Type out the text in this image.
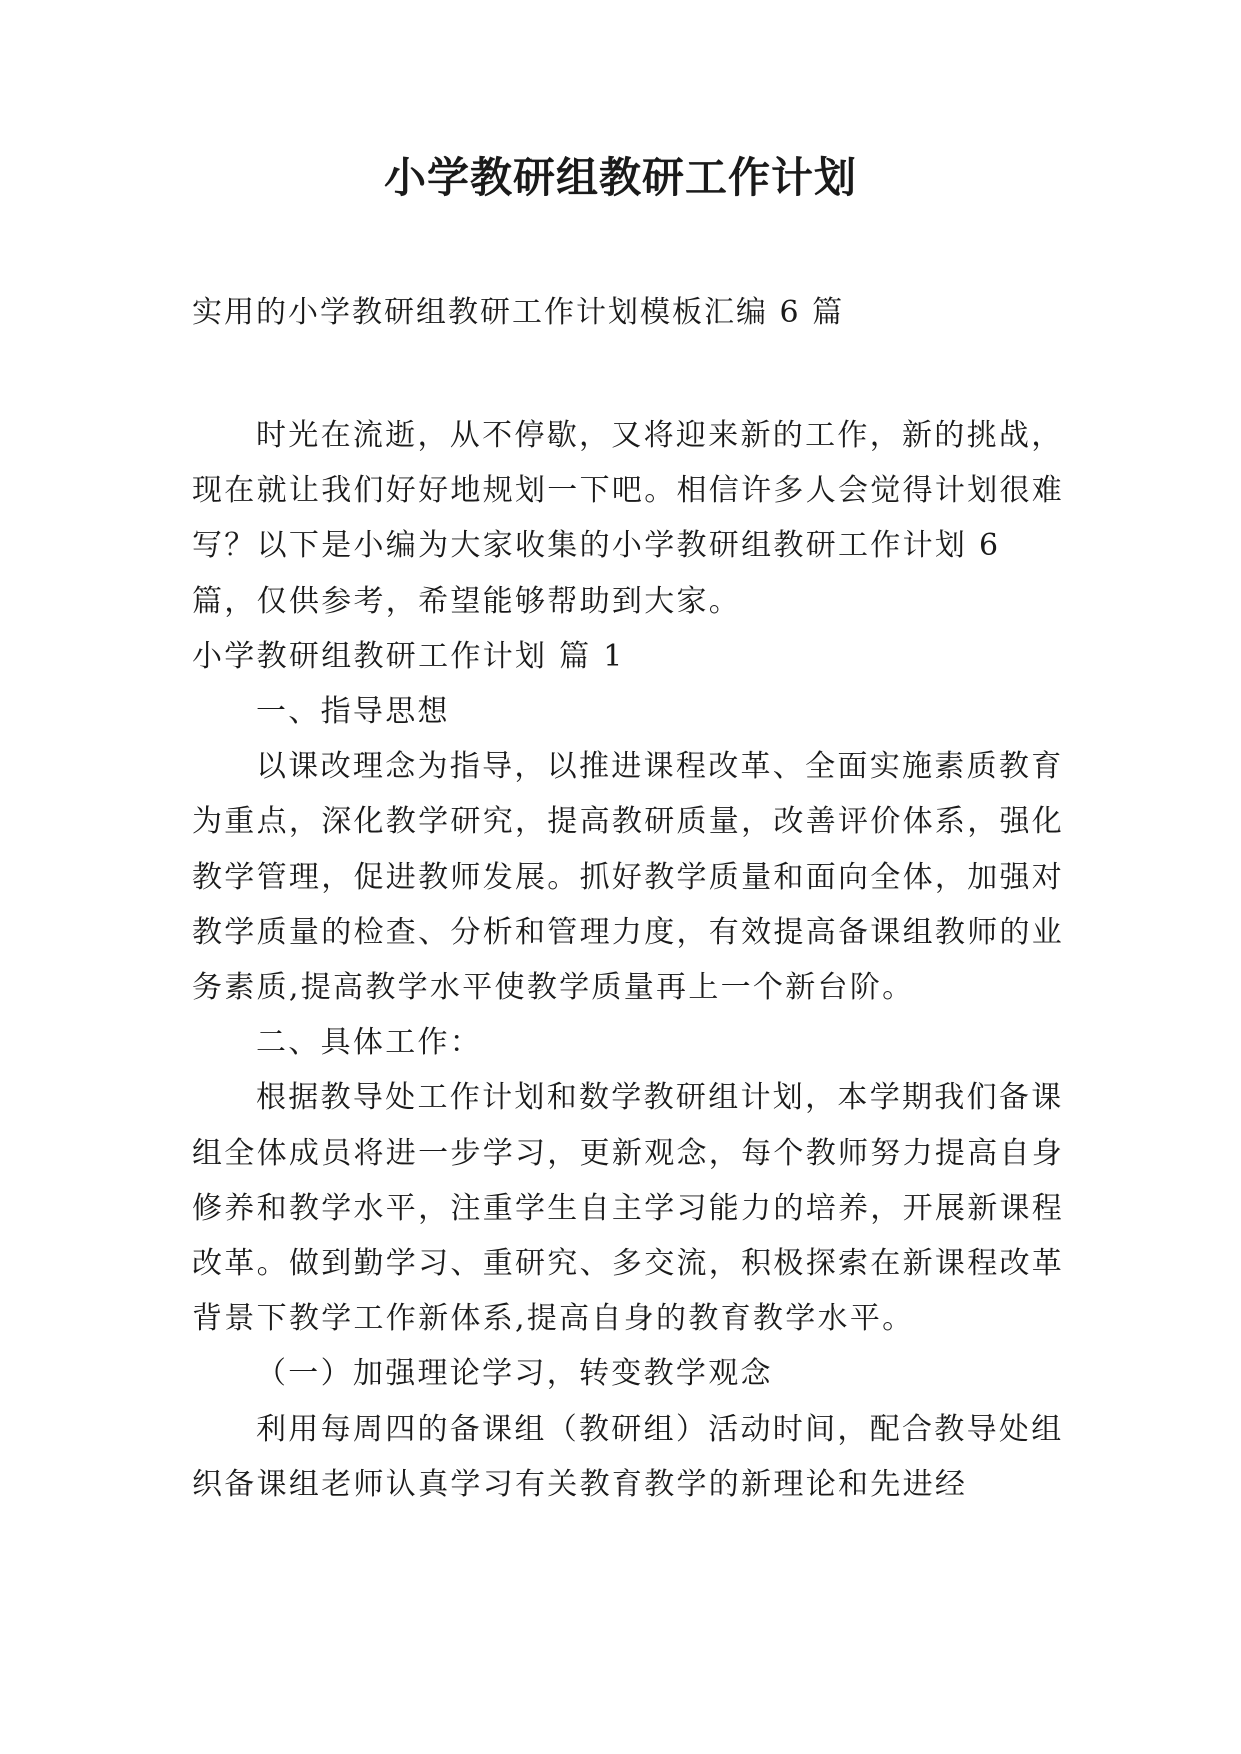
小学教研组教研工作计划
实用的小学教研组教研工作计划模板汇编 6 篇

时光在流逝，从不停歇，又将迎来新的工作，新的挑战，现在就让我们好好地规划一下吧。相信许多人会觉得计划很难写？以下是小编为大家收集的小学教研组教研工作计划 6 篇，仅供参考，希望能够帮助到大家。

小学教研组教研工作计划 篇 1

一、指导思想

以课改理念为指导，以推进课程改革、全面实施素质教育为重点，深化教学研究，提高教研质量，改善评价体系，强化教学管理，促进教师发展。抓好教学质量和面向全体，加强对教学质量的检查、分析和管理力度，有效提高备课组教师的业务素质,提高教学水平使教学质量再上一个新台阶。

二、具体工作：

根据教导处工作计划和数学教研组计划，本学期我们备课组全体成员将进一步学习，更新观念，每个教师努力提高自身修养和教学水平，注重学生自主学习能力的培养，开展新课程改革。做到勤学习、重研究、多交流，积极探索在新课程改革背景下教学工作新体系,提高自身的教育教学水平。

（一）加强理论学习，转变教学观念

利用每周四的备课组（教研组）活动时间，配合教导处组织备课组老师认真学习有关教育教学的新理论和先进经
